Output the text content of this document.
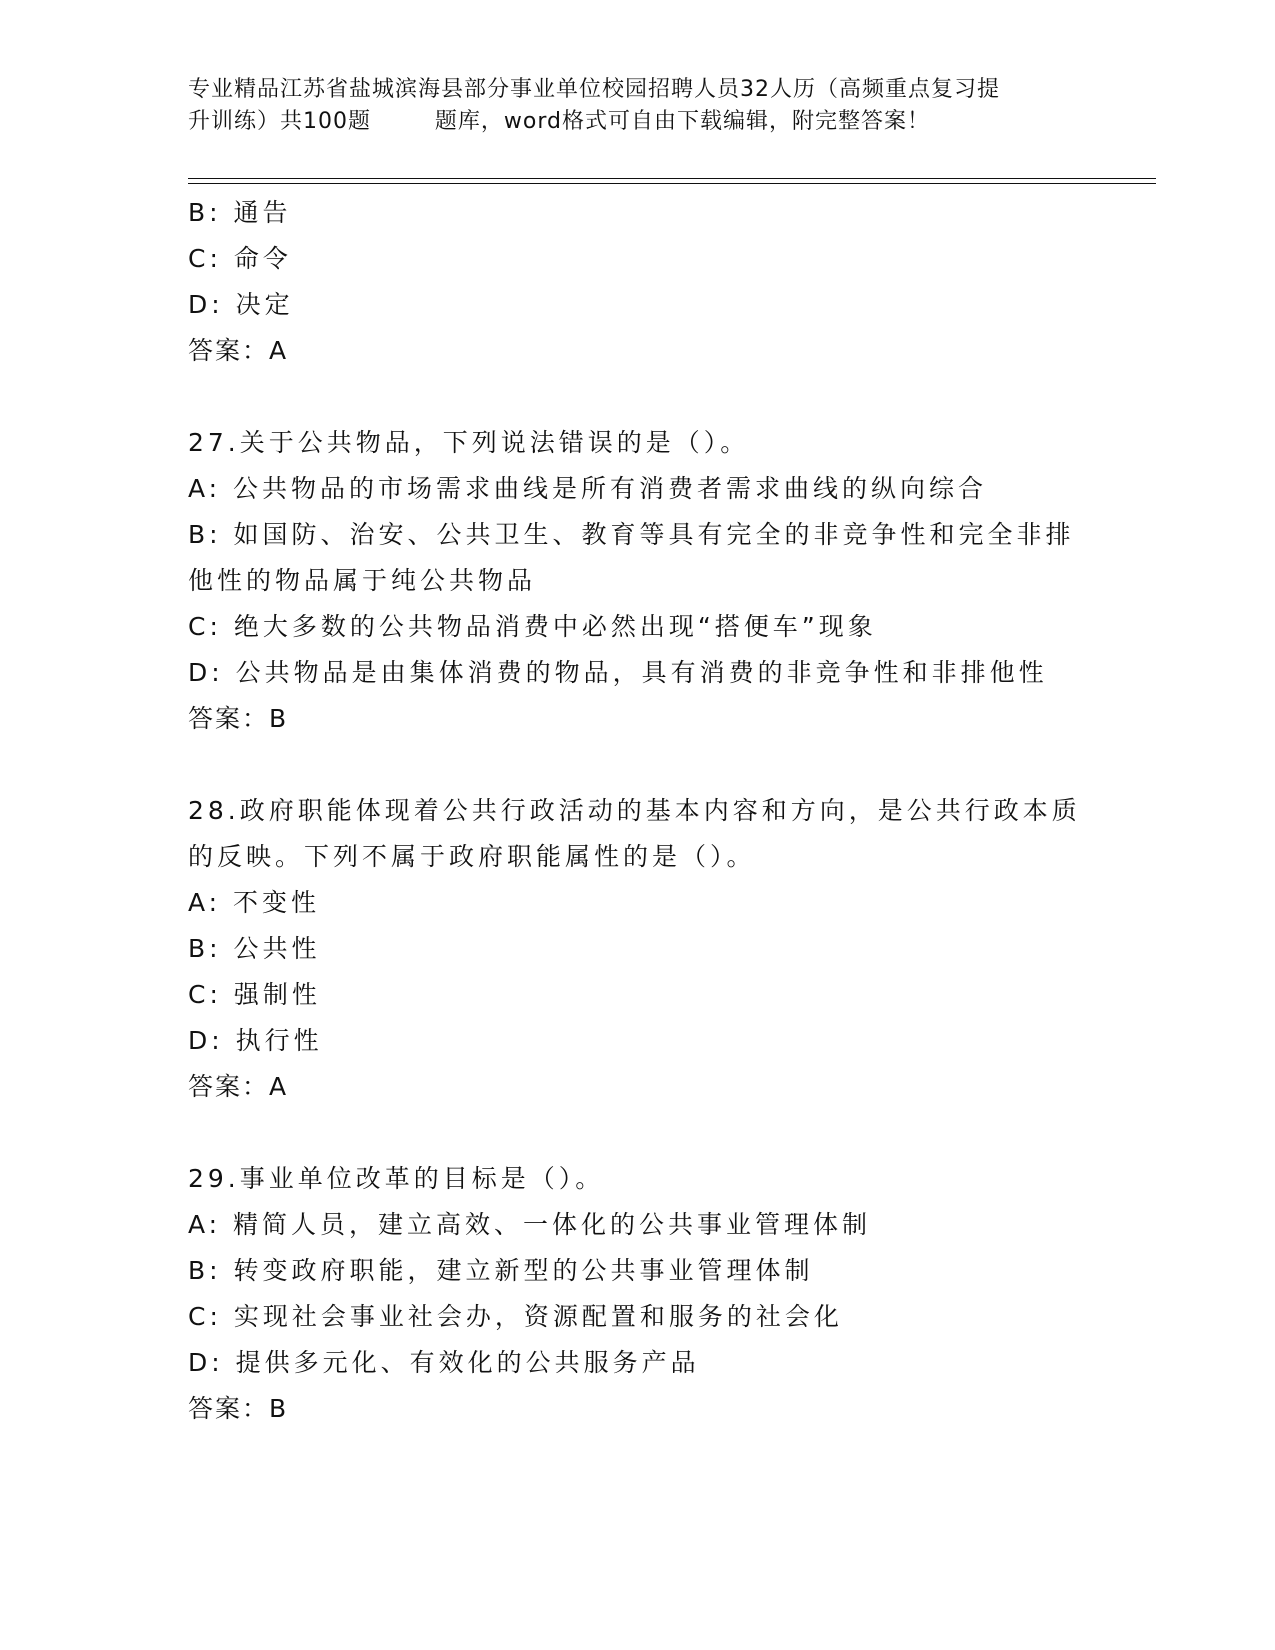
专业精品江苏省盐城滨海县部分事业单位校园招聘人员32人历（高频重点复习提
升训练）共100题        题库，word格式可自由下载编辑，附完整答案！
B: 通告
C: 命令
D: 决定
答案：A
27.关于公共物品，下列说法错误的是（）。
A: 公共物品的市场需求曲线是所有消费者需求曲线的纵向综合
B: 如国防、治安、公共卫生、教育等具有完全的非竞争性和完全非排
他性的物品属于纯公共物品
C: 绝大多数的公共物品消费中必然出现“搭便车”现象
D: 公共物品是由集体消费的物品，具有消费的非竞争性和非排他性
答案：B
28.政府职能体现着公共行政活动的基本内容和方向，是公共行政本质
的反映。下列不属于政府职能属性的是（）。
A: 不变性
B: 公共性
C: 强制性
D: 执行性
答案：A
29.事业单位改革的目标是（）。
A: 精简人员，建立高效、一体化的公共事业管理体制
B: 转变政府职能，建立新型的公共事业管理体制
C: 实现社会事业社会办，资源配置和服务的社会化
D: 提供多元化、有效化的公共服务产品
答案：B
